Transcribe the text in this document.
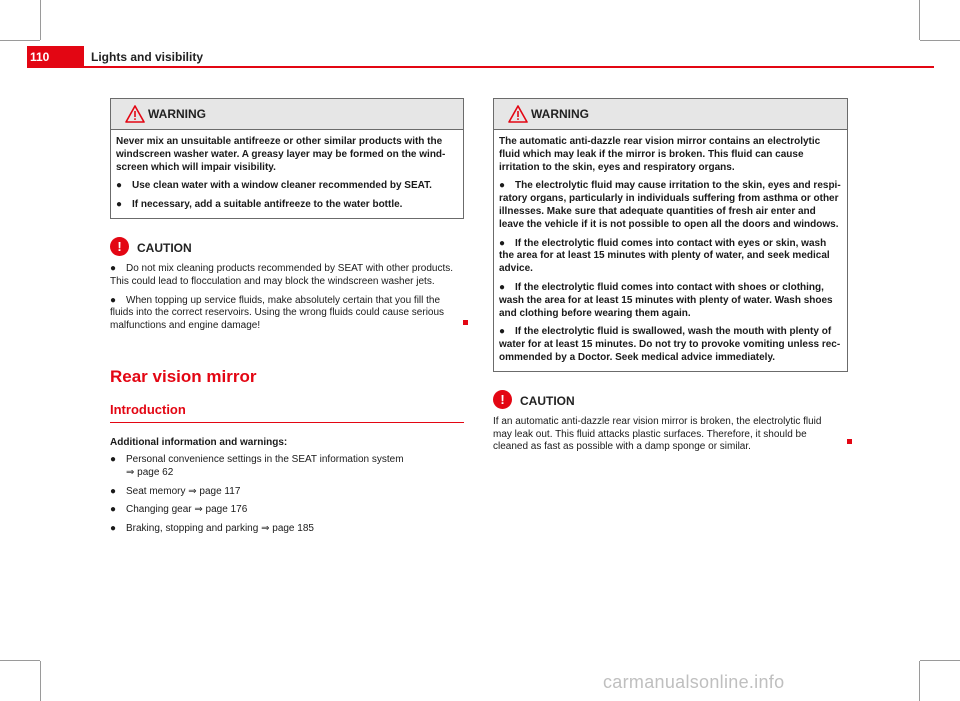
110	Lights and visibility
WARNING

Never mix an unsuitable antifreeze or other similar products with the windscreen washer water. A greasy layer may be formed on the windscreen which will impair visibility.

● Use clean water with a window cleaner recommended by SEAT.

● If necessary, add a suitable antifreeze to the water bottle.

!	CAUTION

● Do not mix cleaning products recommended by SEAT with other products. This could lead to flocculation and may block the windscreen washer jets.

● When topping up service fluids, make absolutely certain that you fill the fluids into the correct reservoirs. Using the wrong fluids could cause serious malfunctions and engine damage!

Rear vision mirror
Introduction
Additional information and warnings:

● Personal convenience settings in the SEAT information system
⇒ page 62

● Seat memory ⇒ page 117

● Changing gear ⇒ page 176

● Braking, stopping and parking ⇒ page 185

WARNING

The automatic anti-dazzle rear vision mirror contains an electrolytic fluid which may leak if the mirror is broken. This fluid can cause irritation to the skin, eyes and respiratory organs.

● The electrolytic fluid may cause irritation to the skin, eyes and respiratory organs, particularly in individuals suffering from asthma or other illnesses. Make sure that adequate quantities of fresh air enter and leave the vehicle if it is not possible to open all the doors and windows.

● If the electrolytic fluid comes into contact with eyes or skin, wash the area for at least 15 minutes with plenty of water, and seek medical advice.

● If the electrolytic fluid comes into contact with shoes or clothing, wash the area for at least 15 minutes with plenty of water. Wash shoes and clothing before wearing them again.

● If the electrolytic fluid is swallowed, wash the mouth with plenty of water for at least 15 minutes. Do not try to provoke vomiting unless recommended by a Doctor. Seek medical advice immediately.

!	CAUTION

If an automatic anti-dazzle rear vision mirror is broken, the electrolytic fluid may leak out. This fluid attacks plastic surfaces. Therefore, it should be cleaned as fast as possible with a damp sponge or similar.

carmanualsonline.info
